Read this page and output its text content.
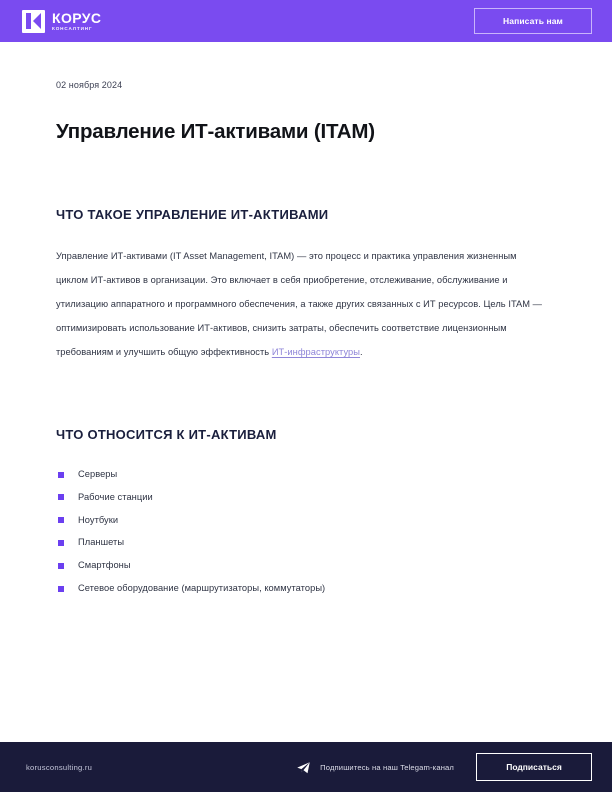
КОРУС
КОНСАЛТИНГ
Написать нам
02 ноября 2024
Управление ИТ-активами (ITAM)
ЧТО ТАКОЕ УПРАВЛЕНИЕ ИТ-АКТИВАМИ

Управление ИТ-активами (IT Asset Management, ITAM) — это процесс и практика управления жизненным циклом ИТ-активов в организации. Это включает в себя приобретение, отслеживание, обслуживание и утилизацию аппаратного и программного обеспечения, а также других связанных с ИТ ресурсов. Цель ITAM — оптимизировать использование ИТ-активов, снизить затраты, обеспечить соответствие лицензионным требованиям и улучшить общую эффективность ИТ-инфраструктуры.

ЧТО ОТНОСИТСЯ К ИТ-АКТИВАМ
Серверы
Рабочие станции
Ноутбуки
Планшеты
Смартфоны
Сетевое оборудование (маршрутизаторы, коммутаторы)
korusconsulting.ru	Подпишитесь на наш Telegam-канал	Подписаться
